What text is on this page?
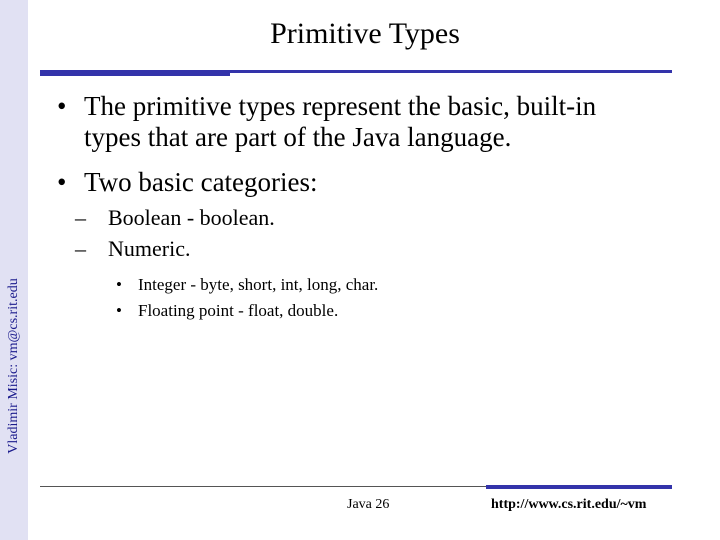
Vladimir Misic: vm@cs.rit.edu
Primitive Types
• The primitive types represent the basic, built-in types that are part of the Java language.
• Two basic categories:
– Boolean - boolean.
– Numeric.
• Integer - byte, short, int, long, char.
• Floating point - float, double.
Java 26	http://www.cs.rit.edu/~vm
